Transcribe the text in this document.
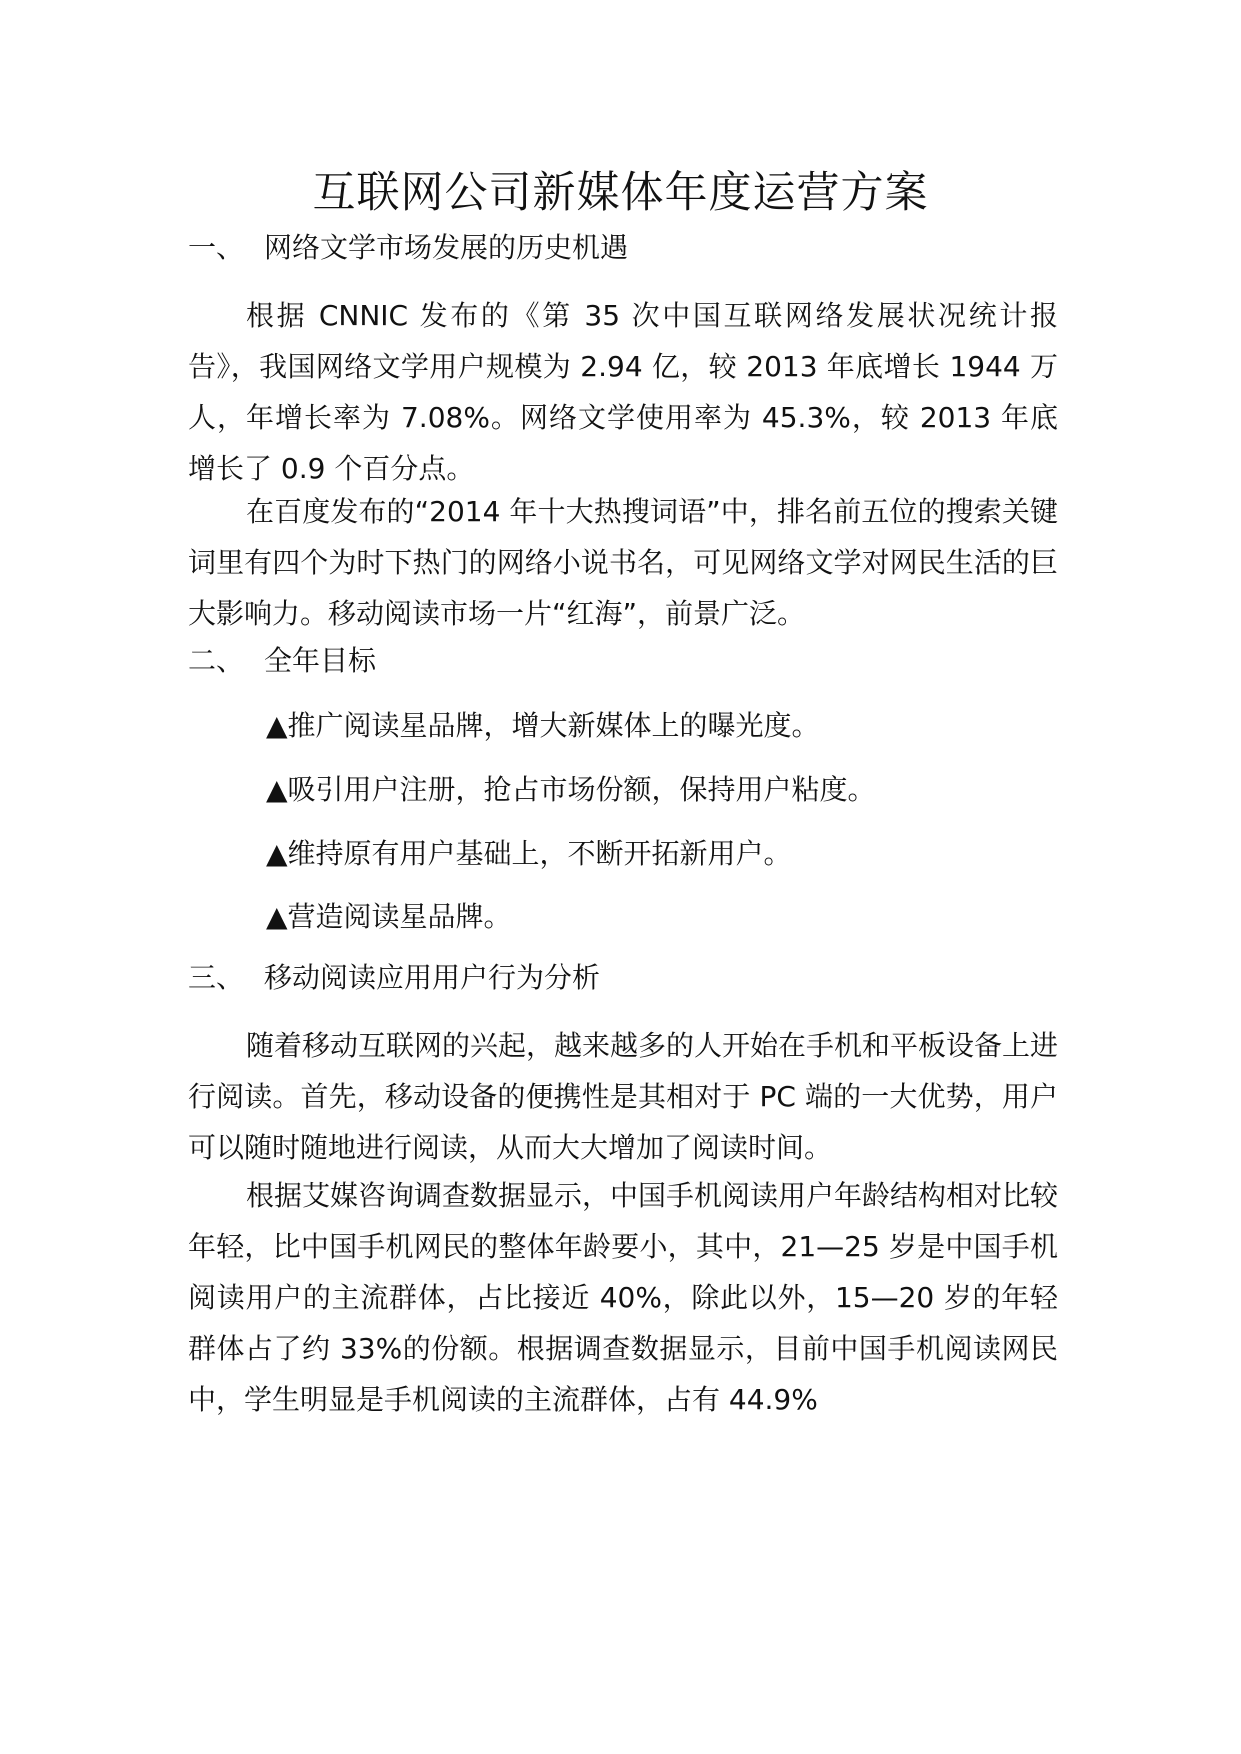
互联网公司新媒体年度运营方案
一、 网络文学市场发展的历史机遇

根据 CNNIC 发布的《第 35 次中国互联网络发展状况统计报告》，我国网络文学用户规模为 2.94 亿，较 2013 年底增长 1944 万人，年增长率为 7.08%。网络文学使用率为 45.3%，较 2013 年底增长了 0.9 个百分点。

在百度发布的“2014 年十大热搜词语”中，排名前五位的搜索关键词里有四个为时下热门的网络小说书名，可见网络文学对网民生活的巨大影响力。移动阅读市场一片“红海”，前景广泛。

二、 全年目标
▲推广阅读星品牌，增大新媒体上的曝光度。
▲吸引用户注册，抢占市场份额，保持用户粘度。
▲维持原有用户基础上，不断开拓新用户。
▲营造阅读星品牌。
三、 移动阅读应用用户行为分析

随着移动互联网的兴起，越来越多的人开始在手机和平板设备上进行阅读。首先，移动设备的便携性是其相对于 PC 端的一大优势，用户可以随时随地进行阅读，从而大大增加了阅读时间。

根据艾媒咨询调查数据显示，中国手机阅读用户年龄结构相对比较年轻，比中国手机网民的整体年龄要小，其中，21—25 岁是中国手机阅读用户的主流群体，占比接近 40%，除此以外，15—20 岁的年轻群体占了约 33%的份额。根据调查数据显示，目前中国手机阅读网民中，学生明显是手机阅读的主流群体，占有 44.9%
